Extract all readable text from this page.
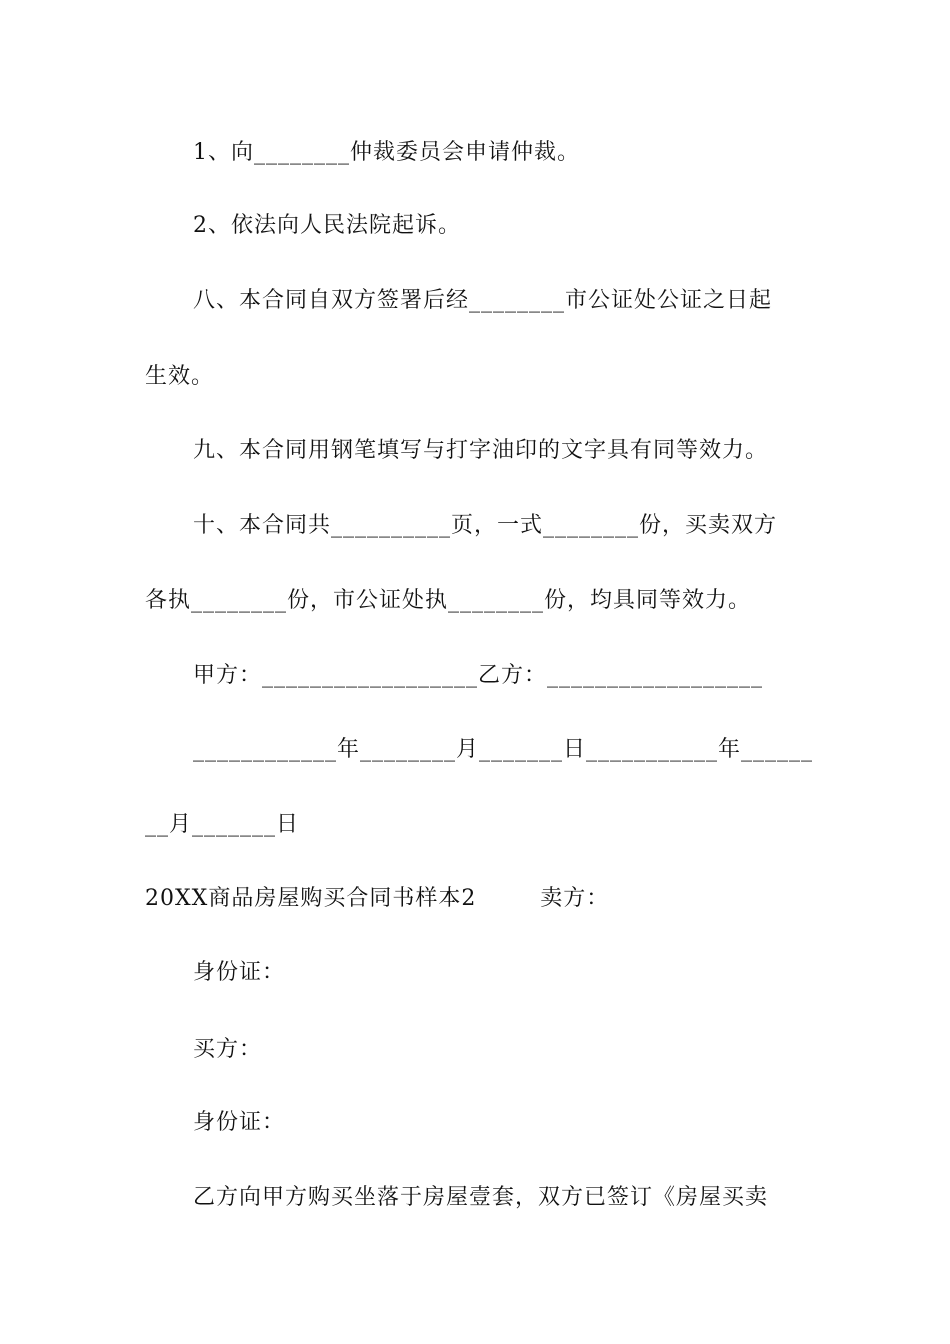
1、向________仲裁委员会申请仲裁。
2、依法向人民法院起诉。
八、本合同自双方签署后经________市公证处公证之日起
生效。
九、本合同用钢笔填写与打字油印的文字具有同等效力。
十、本合同共__________页，一式________份，买卖双方
各执________份，市公证处执________份，均具同等效力。
甲方：__________________乙方：__________________
____________年________月_______日___________年______
__月_______日
20XX商品房屋购买合同书样本2        卖方：
身份证：
买方：
身份证：
乙方向甲方购买坐落于房屋壹套，双方已签订《房屋买卖
